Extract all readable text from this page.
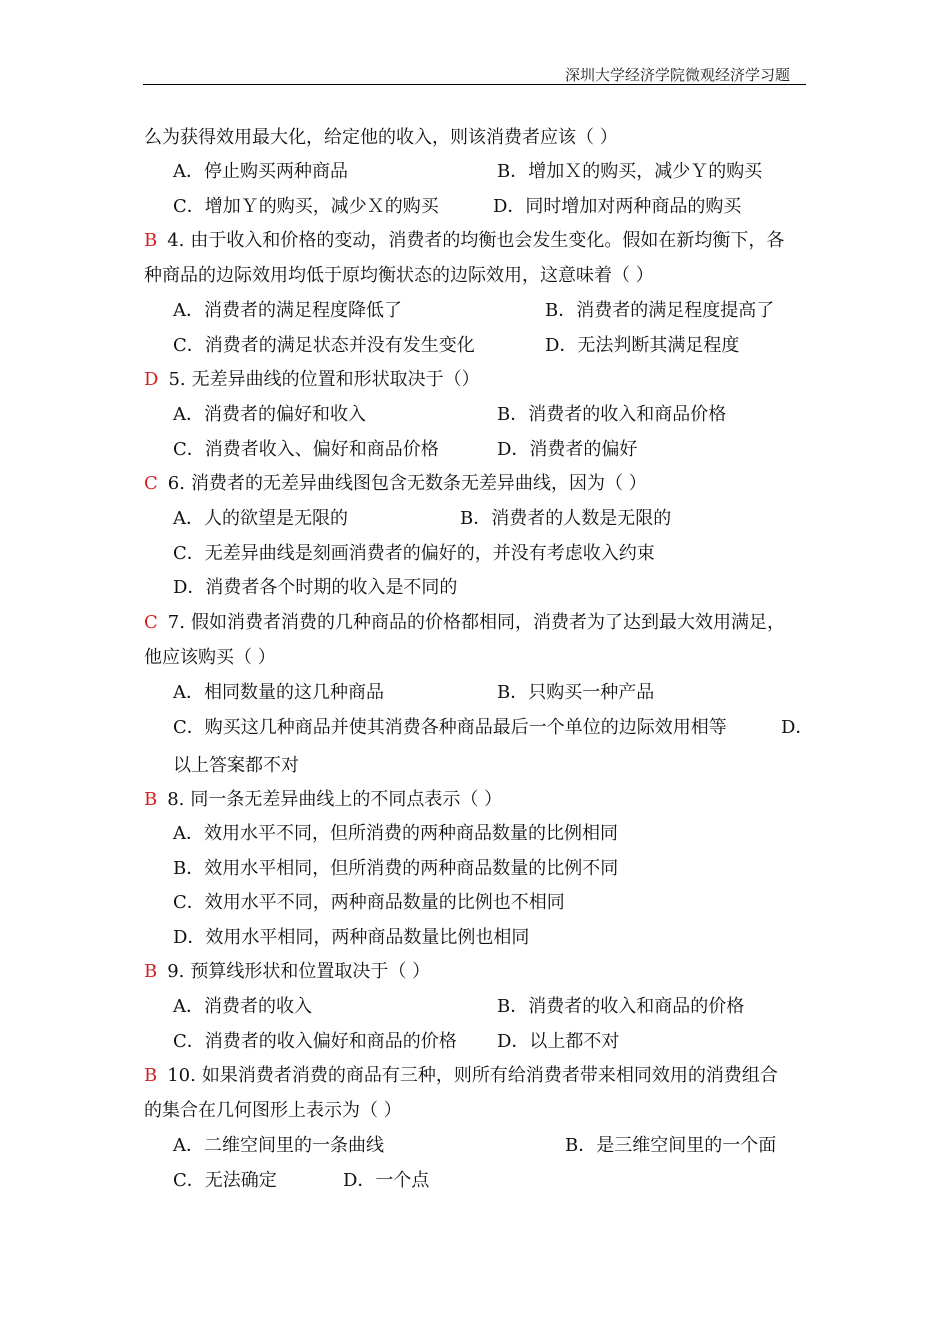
深圳大学经济学院微观经济学习题
么为获得效用最大化，给定他的收入，则该消费者应该（ ）
A．停止购买两种商品	B．增加Ｘ的购买，减少Ｙ的购买
C．增加Ｙ的购买，减少Ｘ的购买	D．同时增加对两种商品的购买
B 4. 由于收入和价格的变动，消费者的均衡也会发生变化。假如在新均衡下，各
种商品的边际效用均低于原均衡状态的边际效用，这意味着（ ）
A．消费者的满足程度降低了	B．消费者的满足程度提高了
C．消费者的满足状态并没有发生变化	D．无法判断其满足程度
D 5. 无差异曲线的位置和形状取决于（）
A．消费者的偏好和收入	B．消费者的收入和商品价格
C．消费者收入、偏好和商品价格	D．消费者的偏好
C 6. 消费者的无差异曲线图包含无数条无差异曲线，因为（ ）
A．人的欲望是无限的	B．消费者的人数是无限的
C．无差异曲线是刻画消费者的偏好的，并没有考虑收入约束
D．消费者各个时期的收入是不同的
C 7. 假如消费者消费的几种商品的价格都相同，消费者为了达到最大效用满足，
他应该购买（ ）
A．相同数量的这几种商品	B．只购买一种产品
C．购买这几种商品并使其消费各种商品最后一个单位的边际效用相等	D．
以上答案都不对
B 8. 同一条无差异曲线上的不同点表示（ ）
A．效用水平不同，但所消费的两种商品数量的比例相同
B．效用水平相同，但所消费的两种商品数量的比例不同
C．效用水平不同，两种商品数量的比例也不相同
D．效用水平相同，两种商品数量比例也相同
B 9. 预算线形状和位置取决于（ ）
A．消费者的收入	B．消费者的收入和商品的价格
C．消费者的收入偏好和商品的价格 D．以上都不对
B 10. 如果消费者消费的商品有三种，则所有给消费者带来相同效用的消费组合
的集合在几何图形上表示为（ ）
A．二维空间里的一条曲线	B．是三维空间里的一个面
C．无法确定	D．一个点
